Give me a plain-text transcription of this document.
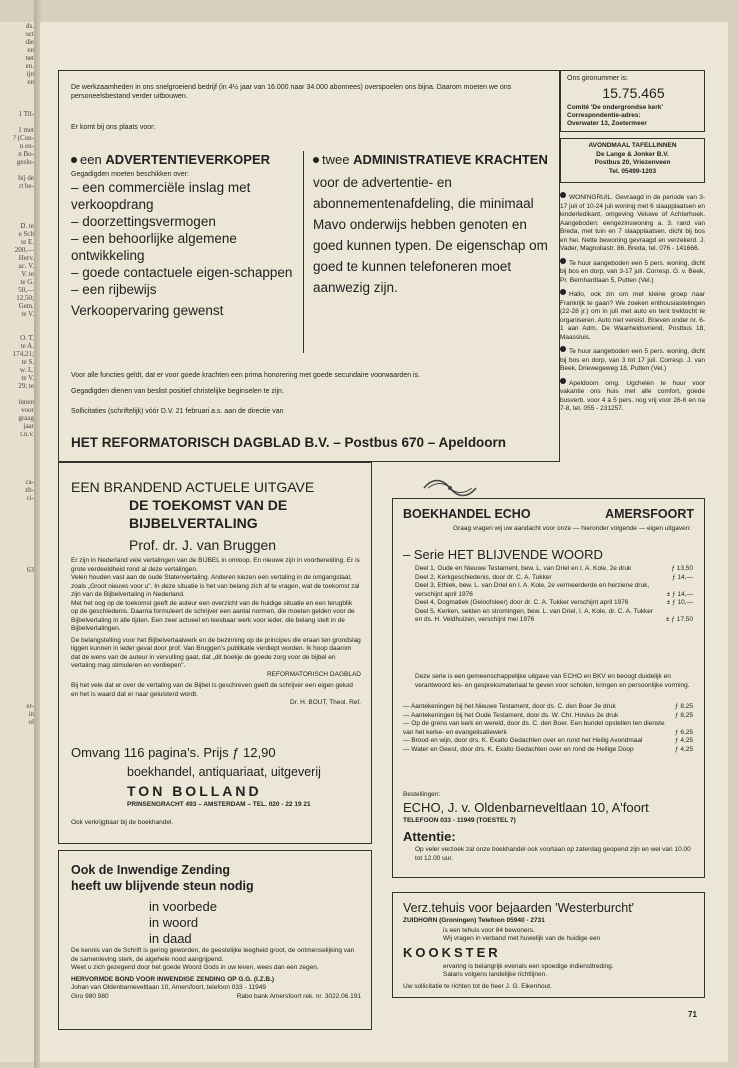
ds.
oct
die
en
net
en.
ijn
en

1 Til-

1 met
? (Con-
n en-
n Bo-
geslo-

bij de
rt be-

D. te
e Sch
te E.
200,—
Herv.
ac. V.
V. te
te G.
50,—
12,50;
Gem.
te V.

O. T.
te A.
174,21;
te S.
w. L.
te V.
29; te

innen
voor
graag
jaar
t.n.v.

ca-
zb-
ci-

63

er-
in
ol
De werkzaamheden in ons snelgroeiend bedrijf (in 4½ jaar van 16.000 naar 34.000 abonnees) overspoelen ons bijna. Daarom moeten we ons personeelsbestand verder uitbouwen.
Er komt bij ons plaats voor:
een ADVERTENTIEVERKOPER
Gegadigden moeten beschikken over:
– een commerciële inslag met verkoopdrang
– doorzettingsvermogen
– een behoorlijke algemene ontwikkeling
– goede contactuele eigen-schappen
– een rijbewijs
Verkoopervaring gewenst
twee ADMINISTRATIEVE KRACHTEN
voor de advertentie- en abonnementenafdeling, die minimaal Mavo onderwijs hebben genoten en goed kunnen typen. De eigenschap om goed te kunnen telefoneren moet aanwezig zijn.
Voor alle functies geldt, dat er voor goede krachten een prima honorering met goede secundaire voorwaarden is.
Gegadigden dienen van beslist positief christelijke beginselen te zijn.
Sollicitaties (schriftelijk) vóór D.V. 21 februari a.s. aan de directie van
HET REFORMATORISCH DAGBLAD B.V. – Postbus 670 – Apeldoorn
Ons gironummer is:
15.75.465
Comité 'De ondergrondse kerk'
Correspondentie-adres:
Overwater 13, Zoetermeer
AVONDMAAL TAFELLINNEN
De Lange & Jonker B.V.
Postbus 20, Vriezenveen
Tel. 05499-1203
WONINGRUIL. Gevraagd in de periode van 3-17 juli of 10-24 juli woning met 6 slaapplaatsen en kinderledikant, omgeving Veluwe of Achterhoek. Aangeboden: eengezinswoning a. 3. rand van Breda, met tuin en 7 slaapplaatsen, dicht bij bos en hei. Nette bewoning gevraagd en verzekerd. J. Vader, Magnoliastr. 86, Breda, tel. 076 - 141666.
Te huur aangeboden een 5 pers. woning, dicht bij bos en dorp, van 3-17 juli. Corresp. G. v. Beek, Pr. Bernhardlaan 5, Putten (Vel.)
Hallo, ook zin om met kleine groep naar Frankrijk te gaan? We zoeken enthousiastelingen (22-28 jr.) om in juli met auto en tent trektocht te organiseren. Auto niet vereist. Brieven onder nr. 6-1 aan Adm. De Waarheidsvriend, Postbus 18, Maassluis.
Te huur aangeboden een 5 pers. woning, dicht bij bos en dorp, van 3 tot 17 juli. Corresp. J. van Beek, Driewegeweg 18, Putten (Vel.)
Apeldoorn omg. Ugchelen te huur voor vakantie ons huis met alle comfort, goede busverb. voor 4 à 5 pers. nog vrij voor 26-6 en na 7-8, tel. 055 - 231257.
EEN BRANDEND ACTUELE UITGAVE
DE TOEKOMST VAN DE
BIJBELVERTALING
Prof. dr. J. van Bruggen
Er zijn in Nederland vele vertalingen van de BIJBEL in omloop. En nieuwe zijn in voorbereiding. Er is grote verdeeldheid rond al deze vertalingen.
Velen houden vast aan de oude Statenvertaling. Anderen kiezen een vertaling in de omgangstaal, zoals „Groot nieuws voor u". In deze situatie is het van belang zich af te vragen, wat de toekomst zal zijn van de Bijbelvertaling in Nederland.
Met het oog op de toekomst geeft de auteur een overzicht van de huidige situatie en een terugblik op de geschiedenis. Daarna formuleert de schrijver een aantal normen, die moeten gelden voor de Bijbelvertaling in alle tijden. Een zeer actueel en leesbaar werk voor ieder, die belang stelt in de Bijbelvertalingen.
De belangstelling voor het Bijbelvertaalwerk en de bezinning op de principes die eraan ten grondslag liggen kunnen in ieder geval door prof. Van Bruggen's publikatie verdiept worden. Ik hoop daarom dat de wens van de auteur in vervulling gaat, dat „dit boekje de goede zorg voor de bijbel en vertaling mag stimuleren en verdiepen".
REFORMATORISCH DAGBLAD
Bij het vele dat er over de vertaling van de Bijbel is geschreven geeft de schrijver een eigen geluid en het is waard dat er naar geluisterd wordt.
Dr. H. BOUT, Theol. Ref.
Omvang 116 pagina's. Prijs ƒ 12,90
boekhandel, antiquariaat, uitgeverij
TON BOLLAND
PRINSENGRACHT 493 – AMSTERDAM – TEL. 020 - 22 19 21
Ook verkrijgbaar bij de boekhandel.
Ook de Inwendige Zending
heeft uw blijvende steun nodig
in voorbede
in woord
in daad
De kennis van de Schrift is gering geworden, de geestelijke leegheid groot, de ontmenselijking van de samenleving sterk, de algehele nood aangrijpend.
Weet u zich gezegend door het goede Woord Gods in uw leven, wees dan een zegen.
HERVORMDE BOND VOOR INWENDIGE ZENDING OP G.G. (I.Z.B.)
Johan van Oldenbarneveltlaan 10, Amersfoort, telefoon 033 - 11949
Giro 980 980	Rabo bank Amersfoort rek. nr. 3022.06.191
BOEKHANDEL ECHO	AMERSFOORT
Graag vragen wij uw aandacht voor onze — hieronder volgende — eigen uitgaven:
– Serie HET BLIJVENDE WOORD
Deel 1, Oude en Nieuwe Testament, bew. L. van Driel en I. A. Kole, 2e druk	ƒ 13,50
Deel 2, Kerkgeschiedenis, door dr. C. A. Tukker	ƒ 14,—
Deel 3, Ethiek, bew. L. van Driel en I. A. Kole, 2e vermeerderde en herziene druk, verschijnt april 1976	± ƒ 14,—
Deel 4, Dogmatiek (Geloofsleer) door dr. C. A. Tukker verschijnt april 1976	± ƒ 10,—
Deel 5, Kerken, sekten en stromingen, bew. L. van Driel, I. A. Kole, dr. C. A. Tukker en ds. H. Veldhuizen, verschijnt mei 1976	± ƒ 17,50
Deze serie is een gemeenschappelijke uitgave van ECHO en BKV en beoogt duidelijk en verantwoord les- en gespreksmateriaal te geven voor scholen, kringen en persoonlijke vorming.
— Aantekeningen bij het Nieuwe Testament, door ds. C. den Boer 3e druk	ƒ 8,25
— Aantekeningen bij het Oude Testament, door ds. W. Chr. Hovius 2e druk	ƒ 8,25
— Op de grens van kerk en wereld, door ds. C. den Boer. Een bundel opstellen ten dienste van het kerke- en evangelisatiewerk	ƒ 6,25
— Brood en wijn, door drs. K. Exalto Gedachten over en rond het Heilig Avondmaal	ƒ 4,25
— Water en Geest, door drs. K. Exalto Gedachten over en rond de Heilige Doop	ƒ 4,25
Bestellingen:
ECHO, J. v. Oldenbarneveltlaan 10, A'foort
TELEFOON 033 - 11949 (TOESTEL 7)
Attentie:
Op veler verzoek zal onze boekhandel ook voortaan op zaterdag geopend zijn en wel van 10.00 tot 12.00 uur.
Verz.tehuis voor bejaarden 'Westerburcht'
ZUIDHORN (Groningen) Telefoon 05940 - 2731
is een tehuis voor 84 bewoners.
Wij vragen in verband met huwelijk van de huidige een
KOOKSTER
ervaring is belangrijk evenals een spoedige indiensttreding.
Salaris volgens landelijke richtlijnen.
Uw sollicitatie te richten tot de heer J. G. Eikenhout.
71
